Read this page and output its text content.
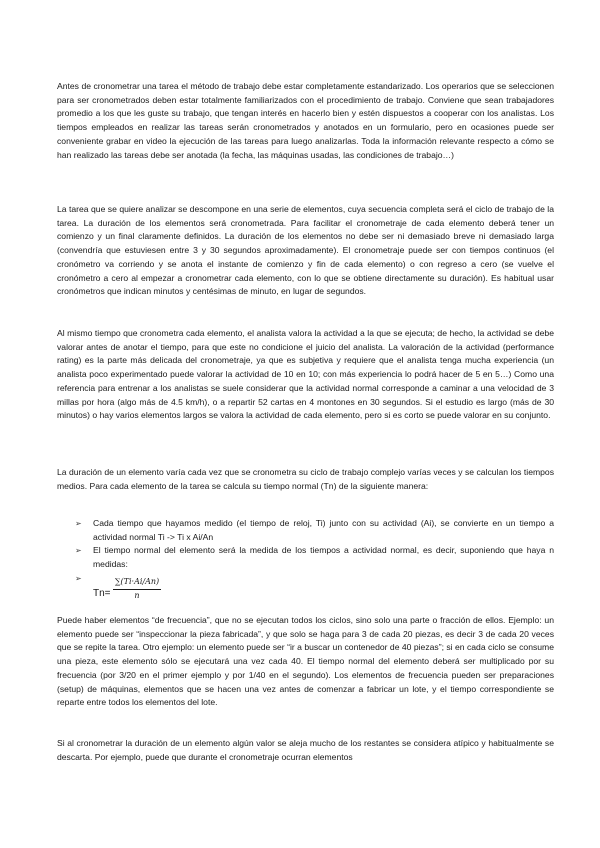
Antes de cronometrar una tarea el método de trabajo debe estar completamente estandarizado. Los operarios que se seleccionen para ser cronometrados deben estar totalmente familiarizados con el procedimiento de trabajo. Conviene que sean trabajadores promedio a los que les guste su trabajo, que tengan interés en hacerlo bien y estén dispuestos a cooperar con los analistas. Los tiempos empleados en realizar las tareas serán cronometrados y anotados en un formulario, pero en ocasiones puede ser conveniente grabar en video la ejecución de las tareas para luego analizarlas. Toda la información relevante respecto a cómo se han realizado las tareas debe ser anotada (la fecha, las máquinas usadas, las condiciones de trabajo…)

La tarea que se quiere analizar se descompone en una serie de elementos, cuya secuencia completa será el ciclo de trabajo de la tarea. La duración de los elementos será cronometrada. Para facilitar el cronometraje de cada elemento deberá tener un comienzo y un final claramente definidos. La duración de los elementos no debe ser ni demasiado breve ni demasiado larga (convendría que estuviesen entre 3 y 30 segundos aproximadamente). El cronometraje puede ser con tiempos continuos (el cronómetro va corriendo y se anota el instante de comienzo y fin de cada elemento) o con regreso a cero (se vuelve el cronómetro a cero al empezar a cronometrar cada elemento, con lo que se obtiene directamente su duración). Es habitual usar cronómetros que indican minutos y centésimas de minuto, en lugar de segundos.

Al mismo tiempo que cronometra cada elemento, el analista valora la actividad a la que se ejecuta; de hecho, la actividad se debe valorar antes de anotar el tiempo, para que este no condicione el juicio del analista. La valoración de la actividad (performance rating) es la parte más delicada del cronometraje, ya que es subjetiva y requiere que el analista tenga mucha experiencia (un analista poco experimentado puede valorar la actividad de 10 en 10; con más experiencia lo podrá hacer de 5 en 5…) Como una referencia para entrenar a los analistas se suele considerar que la actividad normal corresponde a caminar a una velocidad de 3 millas por hora (algo más de 4.5 km/h), o a repartir 52 cartas en 4 montones en 30 segundos. Si el estudio es largo (más de 30 minutos) o hay varios elementos largos se valora la actividad de cada elemento, pero si es corto se puede valorar en su conjunto.

La duración de un elemento varía cada vez que se cronometra su ciclo de trabajo complejo varías veces y se calculan los tiempos medios. Para cada elemento de la tarea se calcula su tiempo normal (Tn) de la siguiente manera:

➢ Cada tiempo que hayamos medido (el tiempo de reloj, Ti) junto con su actividad (Ai), se convierte en un tiempo a actividad normal Ti -> Ti x Ai/An
➢ El tiempo normal del elemento será la medida de los tiempos a actividad normal, es decir, suponiendo que haya n medidas:
➢
$Tn= \frac{\sum(Ti\cdot Ai/An)}{n}$

Puede haber elementos “de frecuencia”, que no se ejecutan todos los ciclos, sino solo una parte o fracción de ellos. Ejemplo: un elemento puede ser “inspeccionar la pieza fabricada”, y que solo se haga para 3 de cada 20 piezas, es decir 3 de cada 20 veces que se repite la tarea. Otro ejemplo: un elemento puede ser “ir a buscar un contenedor de 40 piezas”; si en cada ciclo se consume una pieza, este elemento sólo se ejecutará una vez cada 40. El tiempo normal del elemento deberá ser multiplicado por su frecuencia (por 3/20 en el primer ejemplo y por 1/40 en el segundo). Los elementos de frecuencia pueden ser preparaciones (setup) de máquinas, elementos que se hacen una vez antes de comenzar a fabricar un lote, y el tiempo correspondiente se reparte entre todos los elementos del lote.

Si al cronometrar la duración de un elemento algún valor se aleja mucho de los restantes se considera atípico y habitualmente se descarta. Por ejemplo, puede que durante el cronometraje ocurran elementos
